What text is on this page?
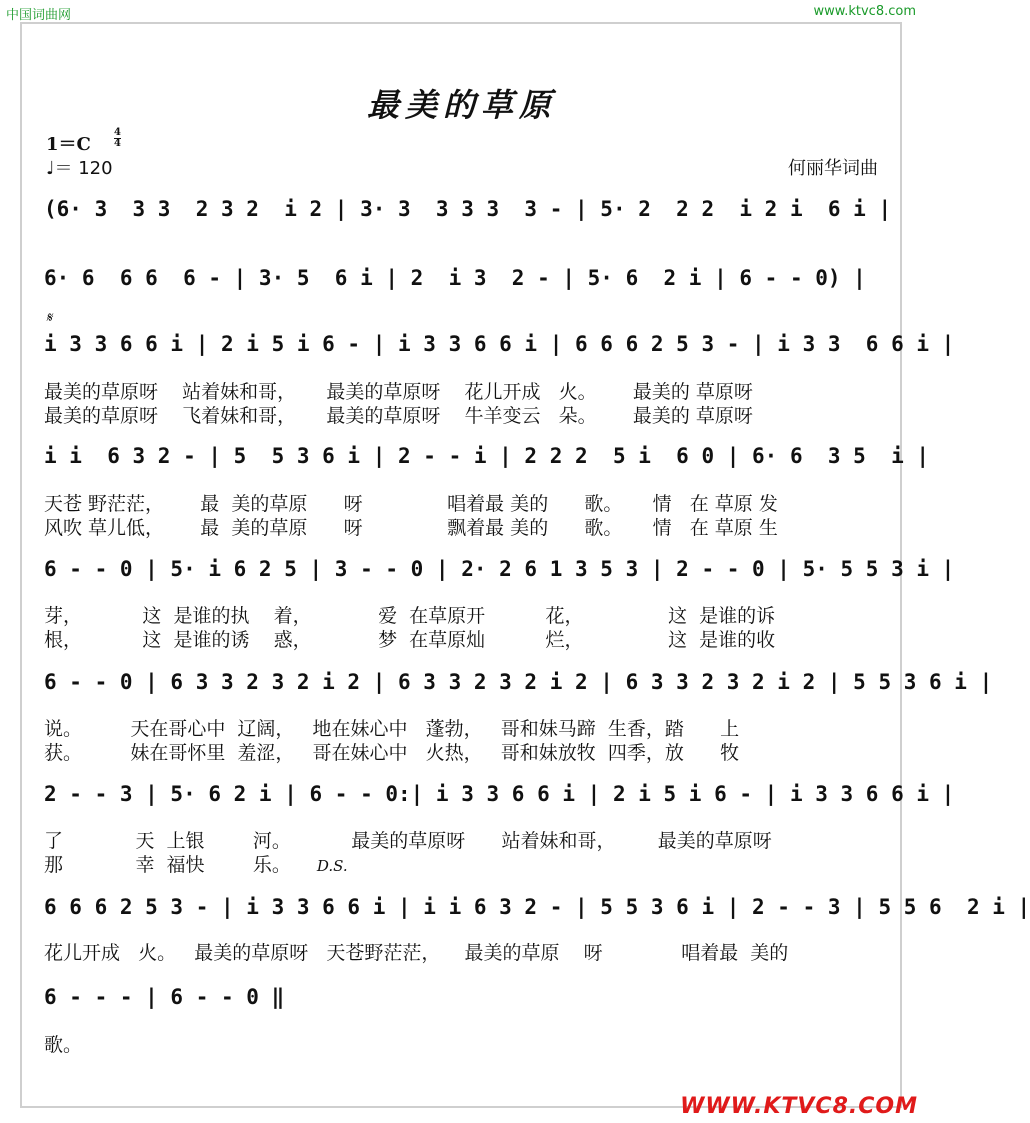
中国词曲网	www.ktvc8.com
最美的草原
1＝C
4
4
♩＝ 120	何丽华词曲
(6· 3  3 3  2 3 2  i 2 | 3· 3  3 3 3  3 - | 5· 2  2 2  i 2 i  6 i |
6· 6  6 6  6 - | 3· 5  6 i | 2  i 3  2 - | 5· 6  2 i | 6 - - 0) |
𝄋
i 3 3 6 6 i | 2 i 5 i 6 - | i 3 3 6 6 i | 6 6 6 2 5 3 - | i 3 3  6 6 i |
最美的草原呀    站着妹和哥，     最美的草原呀    花儿开成   火。      最美的 草原呀
最美的草原呀    飞着妹和哥，     最美的草原呀    牛羊变云   朵。      最美的 草原呀
i i  6 3 2 - | 5  5 3 6 i | 2 - - i | 2 2 2  5 i  6 0 | 6· 6  3 5  i |
天苍 野茫茫，      最  美的草原      呀              唱着最 美的      歌。     情   在 草原 发
风吹 草儿低，      最  美的草原      呀              飘着最 美的      歌。     情   在 草原 生
6 - - 0 | 5· i 6 2 5 | 3 - - 0 | 2· 2 6 1 3 5 3 | 2 - - 0 | 5· 5 5 3 i |
芽，          这  是谁的执    着，           爱  在草原开          花，              这  是谁的诉
根，          这  是谁的诱    惑，           梦  在草原灿          烂，              这  是谁的收
6 - - 0 | 6 3 3 2 3 2 i 2 | 6 3 3 2 3 2 i 2 | 6 3 3 2 3 2 i 2 | 5 5 3 6 i |
说。        天在哥心中  辽阔，   地在妹心中   蓬勃，   哥和妹马蹄  生香，踏      上
获。        妹在哥怀里  羞涩，   哥在妹心中   火热，   哥和妹放牧  四季，放      牧
2 - - 3 | 5· 6 2 i | 6 - - 0:| i 3 3 6 6 i | 2 i 5 i 6 - | i 3 3 6 6 i |
了            天  上银        河。          最美的草原呀      站着妹和哥，       最美的草原呀
那            幸  福快        乐。 D.S.
6 6 6 2 5 3 - | i 3 3 6 6 i | i i 6 3 2 - | 5 5 3 6 i | 2 - - 3 | 5 5 6  2 i |
花儿开成   火。   最美的草原呀   天苍野茫茫，    最美的草原    呀             唱着最  美的
6 - - - | 6 - - 0 ‖
歌。
WWW.KTVC8.COM
